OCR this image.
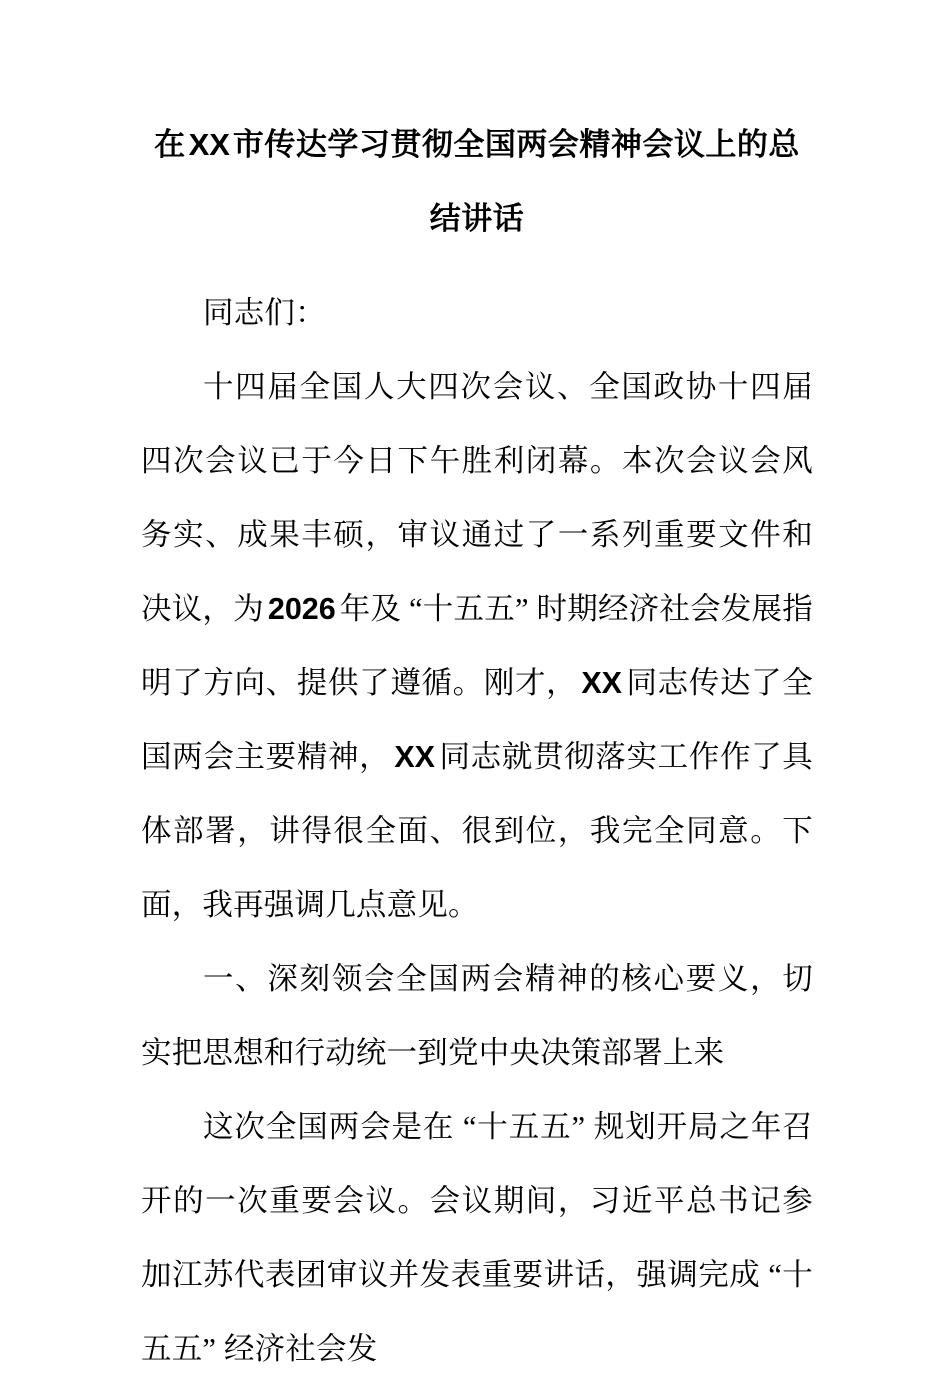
在XX市传达学习贯彻全国两会精神会议上的总结讲话

同志们：

十四届全国人大四次会议、全国政协十四届四次会议已于今日下午胜利闭幕。本次会议会风务实、成果丰硕，审议通过了一系列重要文件和决议，为 2026 年及 “十五五” 时期经济社会发展指明了方向、提供了遵循。刚才， XX 同志传达了全国两会主要精神， XX 同志就贯彻落实工作作了具体部署，讲得很全面、很到位，我完全同意。下面，我再强调几点意见。

一、深刻领会全国两会精神的核心要义，切实把思想和行动统一到党中央决策部署上来

这次全国两会是在 “十五五” 规划开局之年召开的一次重要会议。会议期间，习近平总书记参加江苏代表团审议并发表重要讲话，强调完成 “十五五” 经济社会发
